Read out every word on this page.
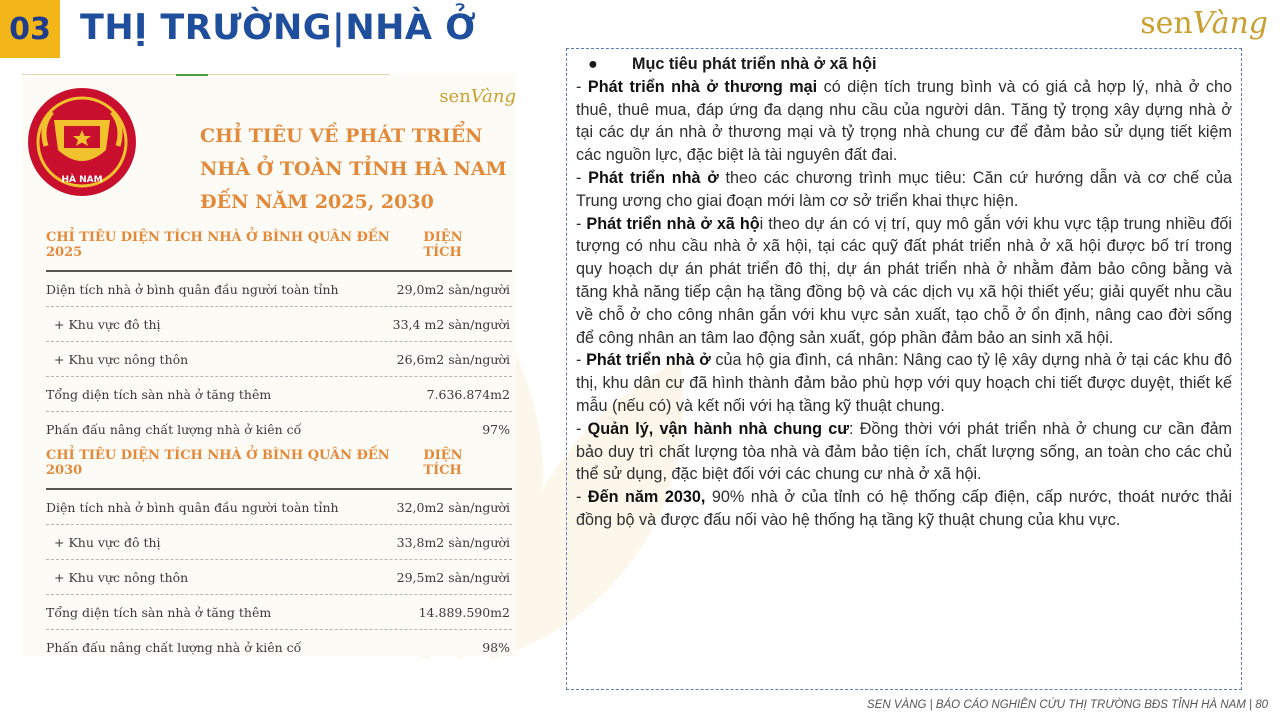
03 THỊ TRƯỜNG|NHÀ Ở	senVàng
HÀ NAM
senVàng
CHỈ TIÊU VỀ PHÁT TRIỂN
NHÀ Ở TOÀN TỈNH HÀ NAM
ĐẾN NĂM 2025, 2030
CHỈ TIÊU DIỆN TÍCH NHÀ Ở BÌNH QUÂN ĐẾN 2025
DIỆN TÍCH
Diện tích nhà ở bình quân đầu người toàn tỉnh	29,0m2 sàn/người
+ Khu vực đô thị	33,4 m2 sàn/người
+ Khu vực nông thôn	26,6m2 sàn/người
Tổng diện tích sàn nhà ở tăng thêm	7.636.874m2
Phấn đấu nâng chất lượng nhà ở kiên cố	97%
CHỈ TIÊU DIỆN TÍCH NHÀ Ở BÌNH QUÂN ĐẾN 2030
DIỆN TÍCH
Diện tích nhà ở bình quân đầu người toàn tỉnh	32,0m2 sàn/người
+ Khu vực đô thị	33,8m2 sàn/người
+ Khu vực nông thôn	29,5m2 sàn/người
Tổng diện tích sàn nhà ở tăng thêm	14.889.590m2
Phấn đấu nâng chất lượng nhà ở kiên cố	98%
●	Mục tiêu phát triển nhà ở xã hội
- Phát triển nhà ở thương mại có diện tích trung bình và có giá cả hợp lý, nhà ở cho thuê, thuê mua, đáp ứng đa dạng nhu cầu của người dân. Tăng tỷ trọng xây dựng nhà ở tại các dự án nhà ở thương mại và tỷ trọng nhà chung cư để đảm bảo sử dụng tiết kiệm các nguồn lực, đặc biệt là tài nguyên đất đai.
- Phát triển nhà ở theo các chương trình mục tiêu: Căn cứ hướng dẫn và cơ chế của Trung ương cho giai đoạn mới làm cơ sở triển khai thực hiện.
- Phát triển nhà ở xã hội theo dự án có vị trí, quy mô gắn với khu vực tập trung nhiều đối tượng có nhu cầu nhà ở xã hội, tại các quỹ đất phát triển nhà ở xã hội được bố trí trong quy hoạch dự án phát triển đô thị, dự án phát triển nhà ở nhằm đảm bảo công bằng và tăng khả năng tiếp cận hạ tầng đồng bộ và các dịch vụ xã hội thiết yếu; giải quyết nhu cầu về chỗ ở cho công nhân gắn với khu vực sản xuất, tạo chỗ ở ổn định, nâng cao đời sống để công nhân an tâm lao động sản xuất, góp phần đảm bảo an sinh xã hội.
- Phát triển nhà ở của hộ gia đình, cá nhân: Nâng cao tỷ lệ xây dựng nhà ở tại các khu đô thị, khu dân cư đã hình thành đảm bảo phù hợp với quy hoạch chi tiết được duyệt, thiết kế mẫu (nếu có) và kết nối với hạ tầng kỹ thuật chung.
- Quản lý, vận hành nhà chung cư: Đồng thời với phát triển nhà ở chung cư cần đảm bảo duy trì chất lượng tòa nhà và đảm bảo tiện ích, chất lượng sống, an toàn cho các chủ thể sử dụng, đặc biệt đối với các chung cư nhà ở xã hội.
- Đến năm 2030, 90% nhà ở của tỉnh có hệ thống cấp điện, cấp nước, thoát nước thải đồng bộ và được đấu nối vào hệ thống hạ tầng kỹ thuật chung của khu vực.
SEN VÀNG | BÁO CÁO NGHIÊN CỨU THỊ TRƯỜNG BĐS TỈNH HÀ NAM | 80
